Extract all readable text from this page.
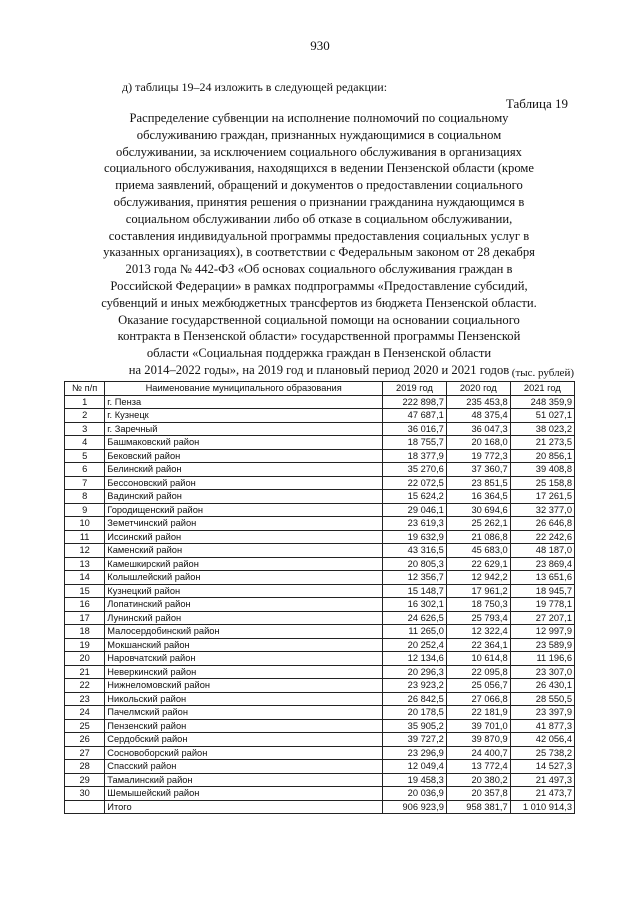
930
д) таблицы 19–24 изложить в следующей редакции:
Таблица 19
Распределение субвенции на исполнение полномочий по социальному
обслуживанию граждан, признанных нуждающимися в социальном
обслуживании, за исключением социального обслуживания в организациях
социального обслуживания, находящихся в ведении Пензенской области (кроме
приема заявлений, обращений и документов о предоставлении социального
обслуживания, принятия решения о признании гражданина нуждающимся в
социальном обслуживании либо об отказе в социальном обслуживании,
составления индивидуальной программы предоставления социальных услуг в
указанных организациях), в соответствии с Федеральным законом от 28 декабря
2013 года № 442-ФЗ «Об основах социального обслуживания граждан в
Российской Федерации» в рамках подпрограммы «Предоставление субсидий,
субвенций и иных межбюджетных трансфертов из бюджета Пензенской области.
Оказание государственной социальной помощи на основании социального
контракта в Пензенской области» государственной программы Пензенской
области «Социальная поддержка граждан в Пензенской области
на 2014–2022 годы», на 2019 год и плановый период 2020 и 2021 годов (тыс. рублей)
№ п/п	Наименование муниципального образования	2019 год	2020 год	2021 год
1	г. Пенза	222 898,7	235 453,8	248 359,9
2	г. Кузнецк	47 687,1	48 375,4	51 027,1
3	г. Заречный	36 016,7	36 047,3	38 023,2
4	Башмаковский район	18 755,7	20 168,0	21 273,5
5	Бековский район	18 377,9	19 772,3	20 856,1
6	Белинский район	35 270,6	37 360,7	39 408,8
7	Бессоновский район	22 072,5	23 851,5	25 158,8
8	Вадинский район	15 624,2	16 364,5	17 261,5
9	Городищенский район	29 046,1	30 694,6	32 377,0
10	Земетчинский район	23 619,3	25 262,1	26 646,8
11	Иссинский район	19 632,9	21 086,8	22 242,6
12	Каменский район	43 316,5	45 683,0	48 187,0
13	Камешкирский район	20 805,3	22 629,1	23 869,4
14	Колышлейский район	12 356,7	12 942,2	13 651,6
15	Кузнецкий район	15 148,7	17 961,2	18 945,7
16	Лопатинский район	16 302,1	18 750,3	19 778,1
17	Лунинский район	24 626,5	25 793,4	27 207,1
18	Малосердобинский район	11 265,0	12 322,4	12 997,9
19	Мокшанский район	20 252,4	22 364,1	23 589,9
20	Наровчатский район	12 134,6	10 614,8	11 196,6
21	Неверкинский район	20 296,3	22 095,8	23 307,0
22	Нижнеломовский район	23 923,2	25 056,7	26 430,1
23	Никольский район	26 842,5	27 066,8	28 550,5
24	Пачелмский район	20 178,5	22 181,9	23 397,9
25	Пензенский район	35 905,2	39 701,0	41 877,3
26	Сердобский район	39 727,2	39 870,9	42 056,4
27	Сосновоборский район	23 296,9	24 400,7	25 738,2
28	Спасский район	12 049,4	13 772,4	14 527,3
29	Тамалинский район	19 458,3	20 380,2	21 497,3
30	Шемышейский район	20 036,9	20 357,8	21 473,7
	Итого	906 923,9	958 381,7	1 010 914,3
